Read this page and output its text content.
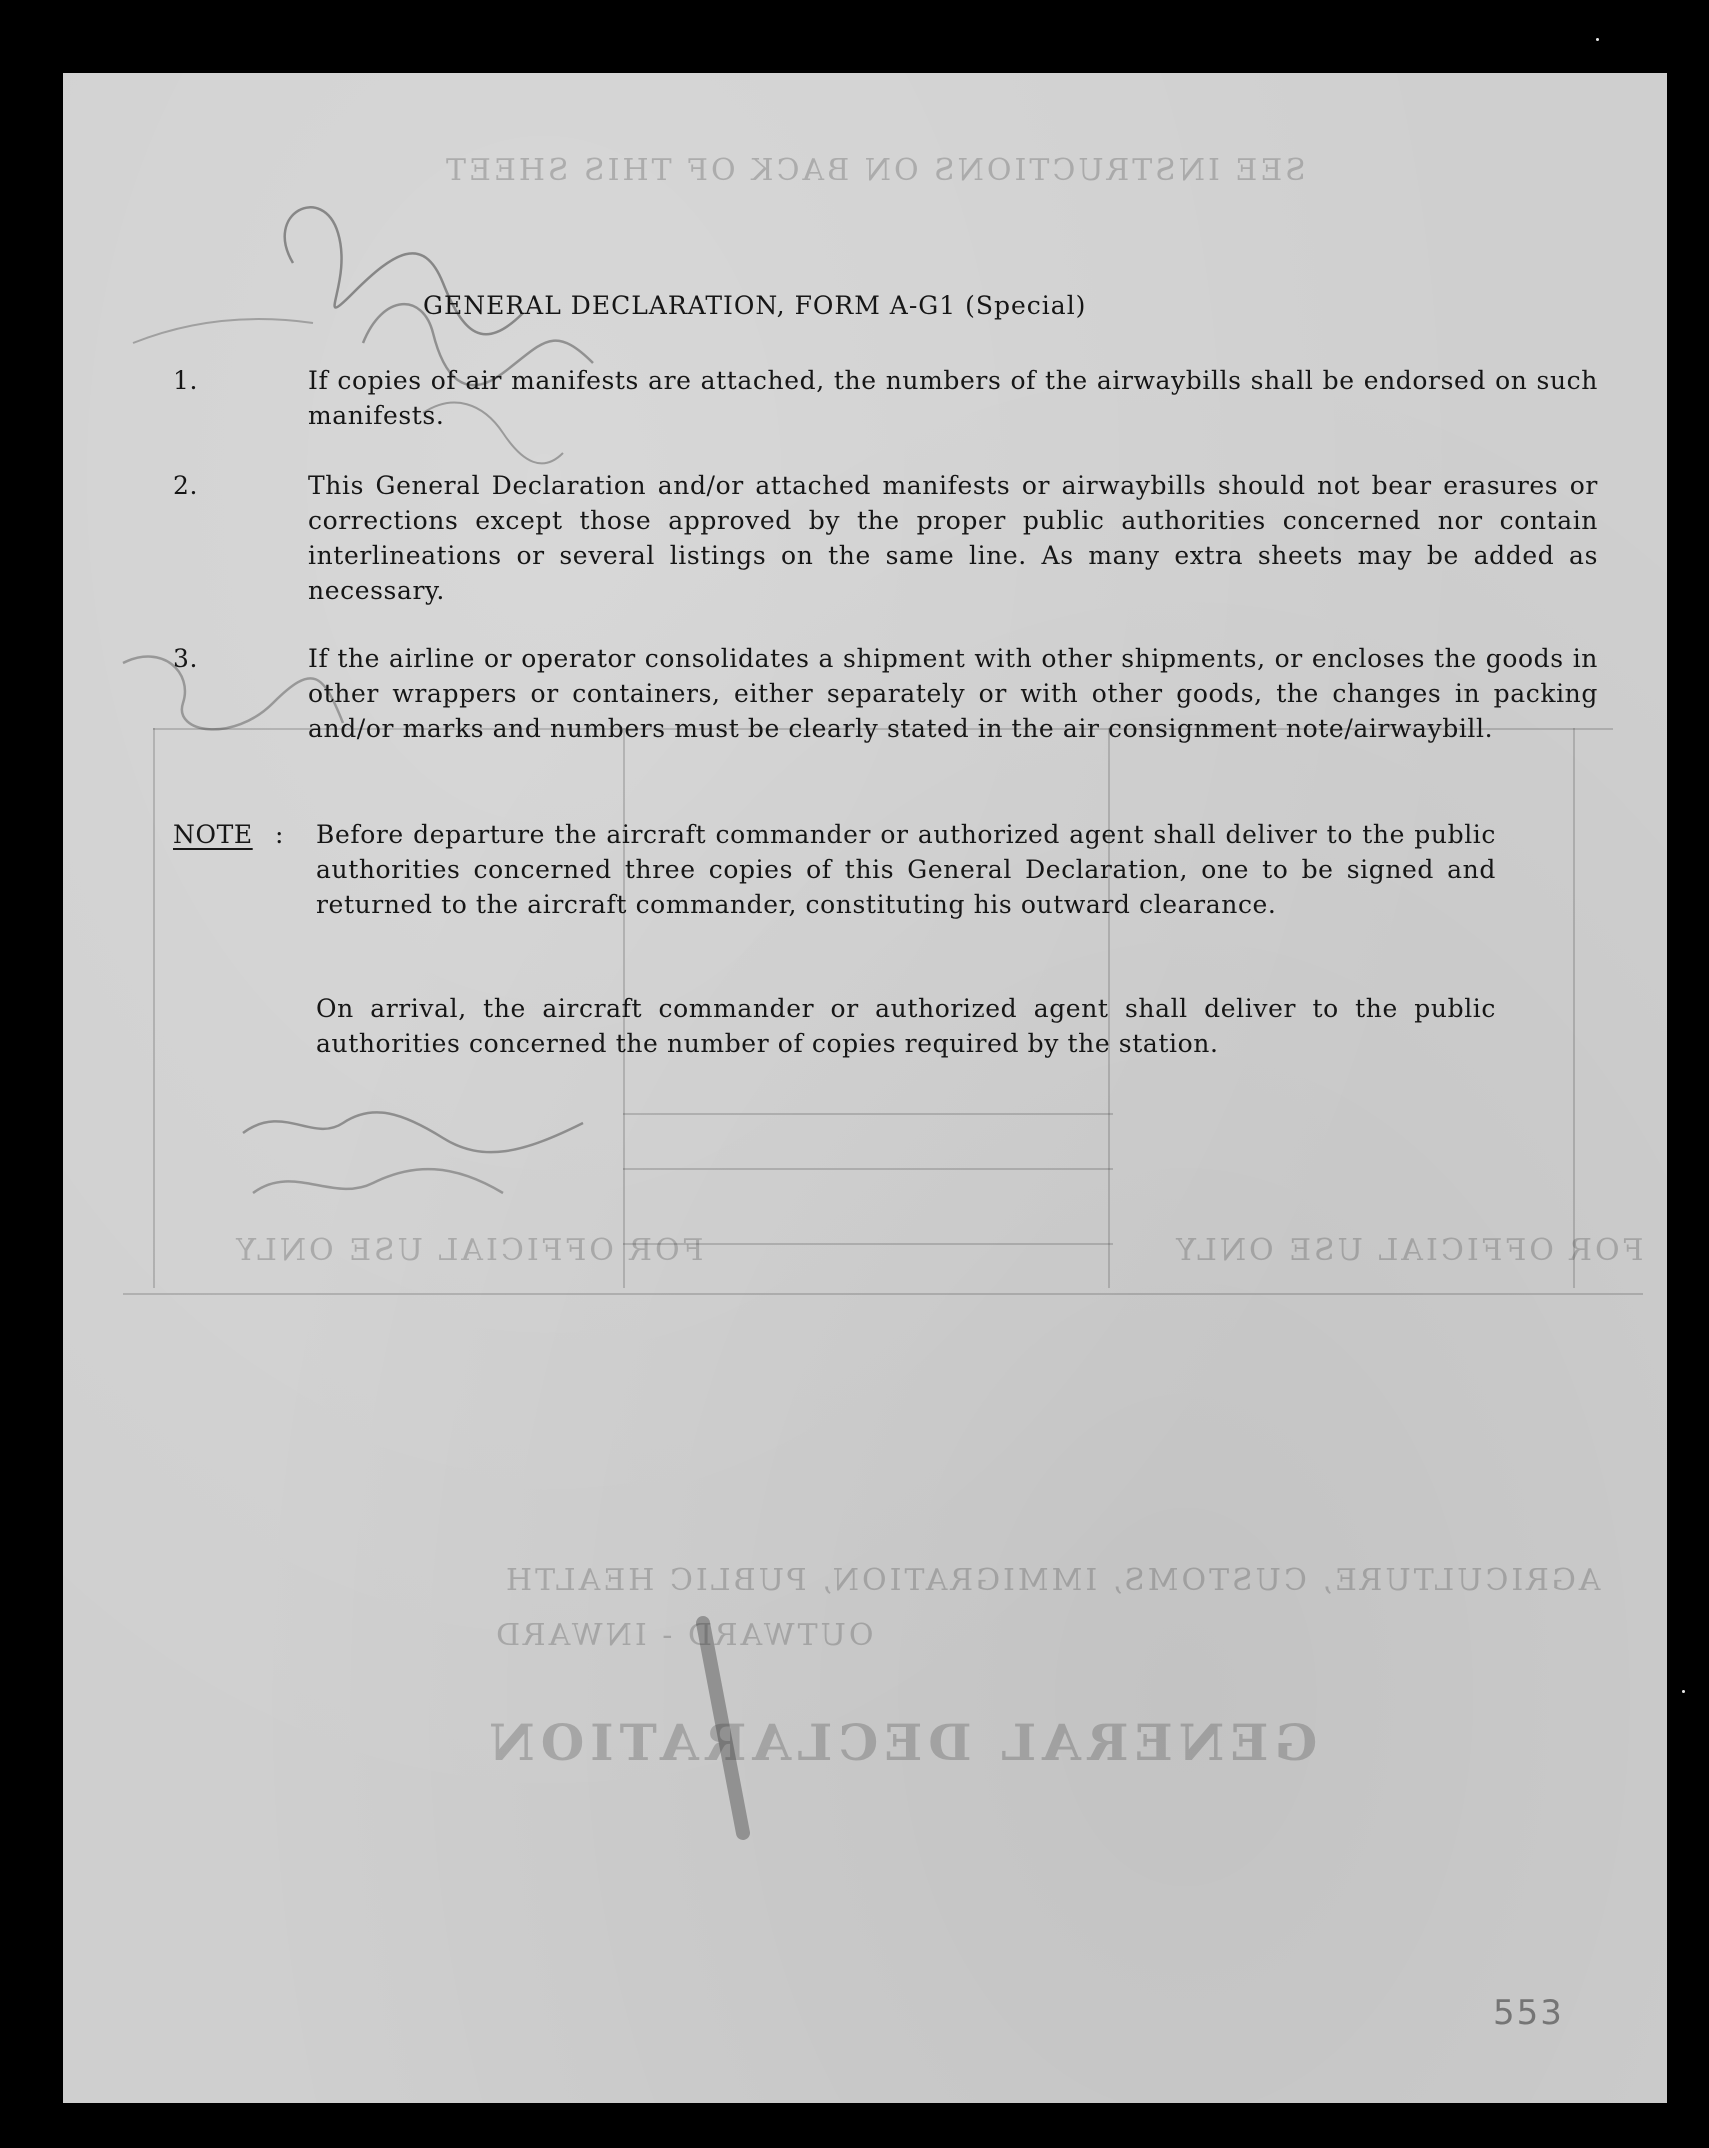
SEE INSTRUCTIONS ON BACK OF THIS SHEET
GENERAL DECLARATION
OUTWARD - INWARD
AGRICULTURE, CUSTOMS, IMMIGRATION, PUBLIC HEALTH
FOR OFFICIAL USE ONLY	FOR OFFICIAL USE ONLY
GENERAL DECLARATION, FORM A-G1 (Special)
1.	If copies of air manifests are attached, the numbers of the airwaybills shall be endorsed on such manifests.
2.	This General Declaration and/or attached manifests or airwaybills should not bear erasures or corrections except those approved by the proper public authorities concerned nor contain interlineations or several listings on the same line. As many extra sheets may be added as necessary.
3.	If the airline or operator consolidates a shipment with other shipments, or encloses the goods in other wrappers or containers, either separately or with other goods, the changes in packing and/or marks and numbers must be clearly stated in the air consignment note/airwaybill.
NOTE : Before departure the aircraft commander or authorized agent shall deliver to the public authorities concerned three copies of this General Declaration, one to be signed and returned to the aircraft commander, constituting his outward clearance.
On arrival, the aircraft commander or authorized agent shall deliver to the public authorities concerned the number of copies required by the station.
553
